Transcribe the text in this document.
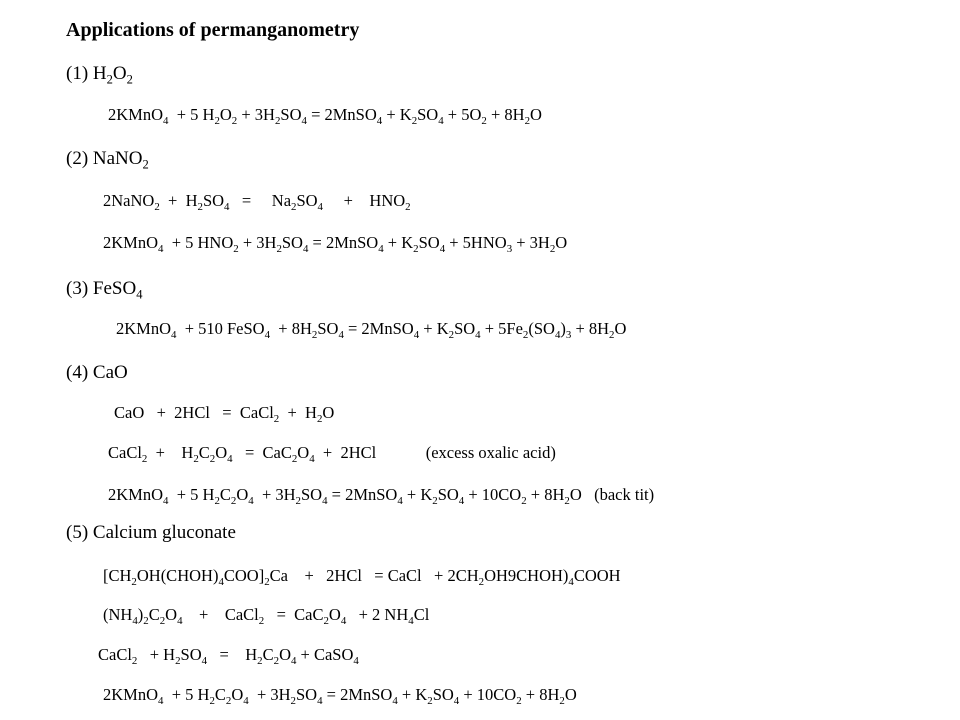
Applications of permanganometry
(1) $H_2O_2$
2KMnO$_4$  + 5 $H_2O_2 + 3H_2SO_4$ = 2MnSO$_4$ + $K_2SO_4 + 5O_2 + 8H_2O$
(2) NaNO$_2$
2NaNO$_2$  +  $H_2SO_4$   =     $Na_2SO_4$     +    $HNO_2$
2KMnO$_4$  + 5 $HNO_2 + 3H_2SO_4$ = 2MnSO$_4$ + $K_2SO_4 + 5HNO_3 + 3H_2O$
(3) FeSO$_4$
2KMnO$_4$  + 510 FeSO$_4$  + $8H_2SO_4$ = 2MnSO$_4$ + $K_2SO_4 + 5Fe_2(SO_4)_3 + 8H_2O$
(4) CaO
CaO   +  2HCl   =  CaCl$_2$  +  $H_2O$
CaCl$_2$  +    $H_2C_2O_4 = CaC_2O_4 + 2HCl$            (excess oxalic acid)
2KMnO$_4$  + 5 $H_2C_2O_4 + 3H_2SO_4$ = 2MnSO$_4$ + $K_2SO_4 + 10CO_2 + 8H_2O$   (back tit)
(5) Calcium gluconate
$[CH_2OH(CHOH)_4COO]_2Ca$    +   2HCl   = CaCl   + $2CH_2OH9CHOH)_4COOH$
$(NH_4)_2C_2O_4$    +    CaCl$_2$   =  $CaC_2O_4 + 2$ $NH_4Cl$
CaCl$_2$   + $H_2SO_4$   =    $H_2C_2O_4$ + CaSO$_4$
2KMnO$_4$  + 5 $H_2C_2O_4 + 3H_2SO_4$ = 2MnSO$_4$ + $K_2SO_4 + 10CO_2 + 8H_2O$
